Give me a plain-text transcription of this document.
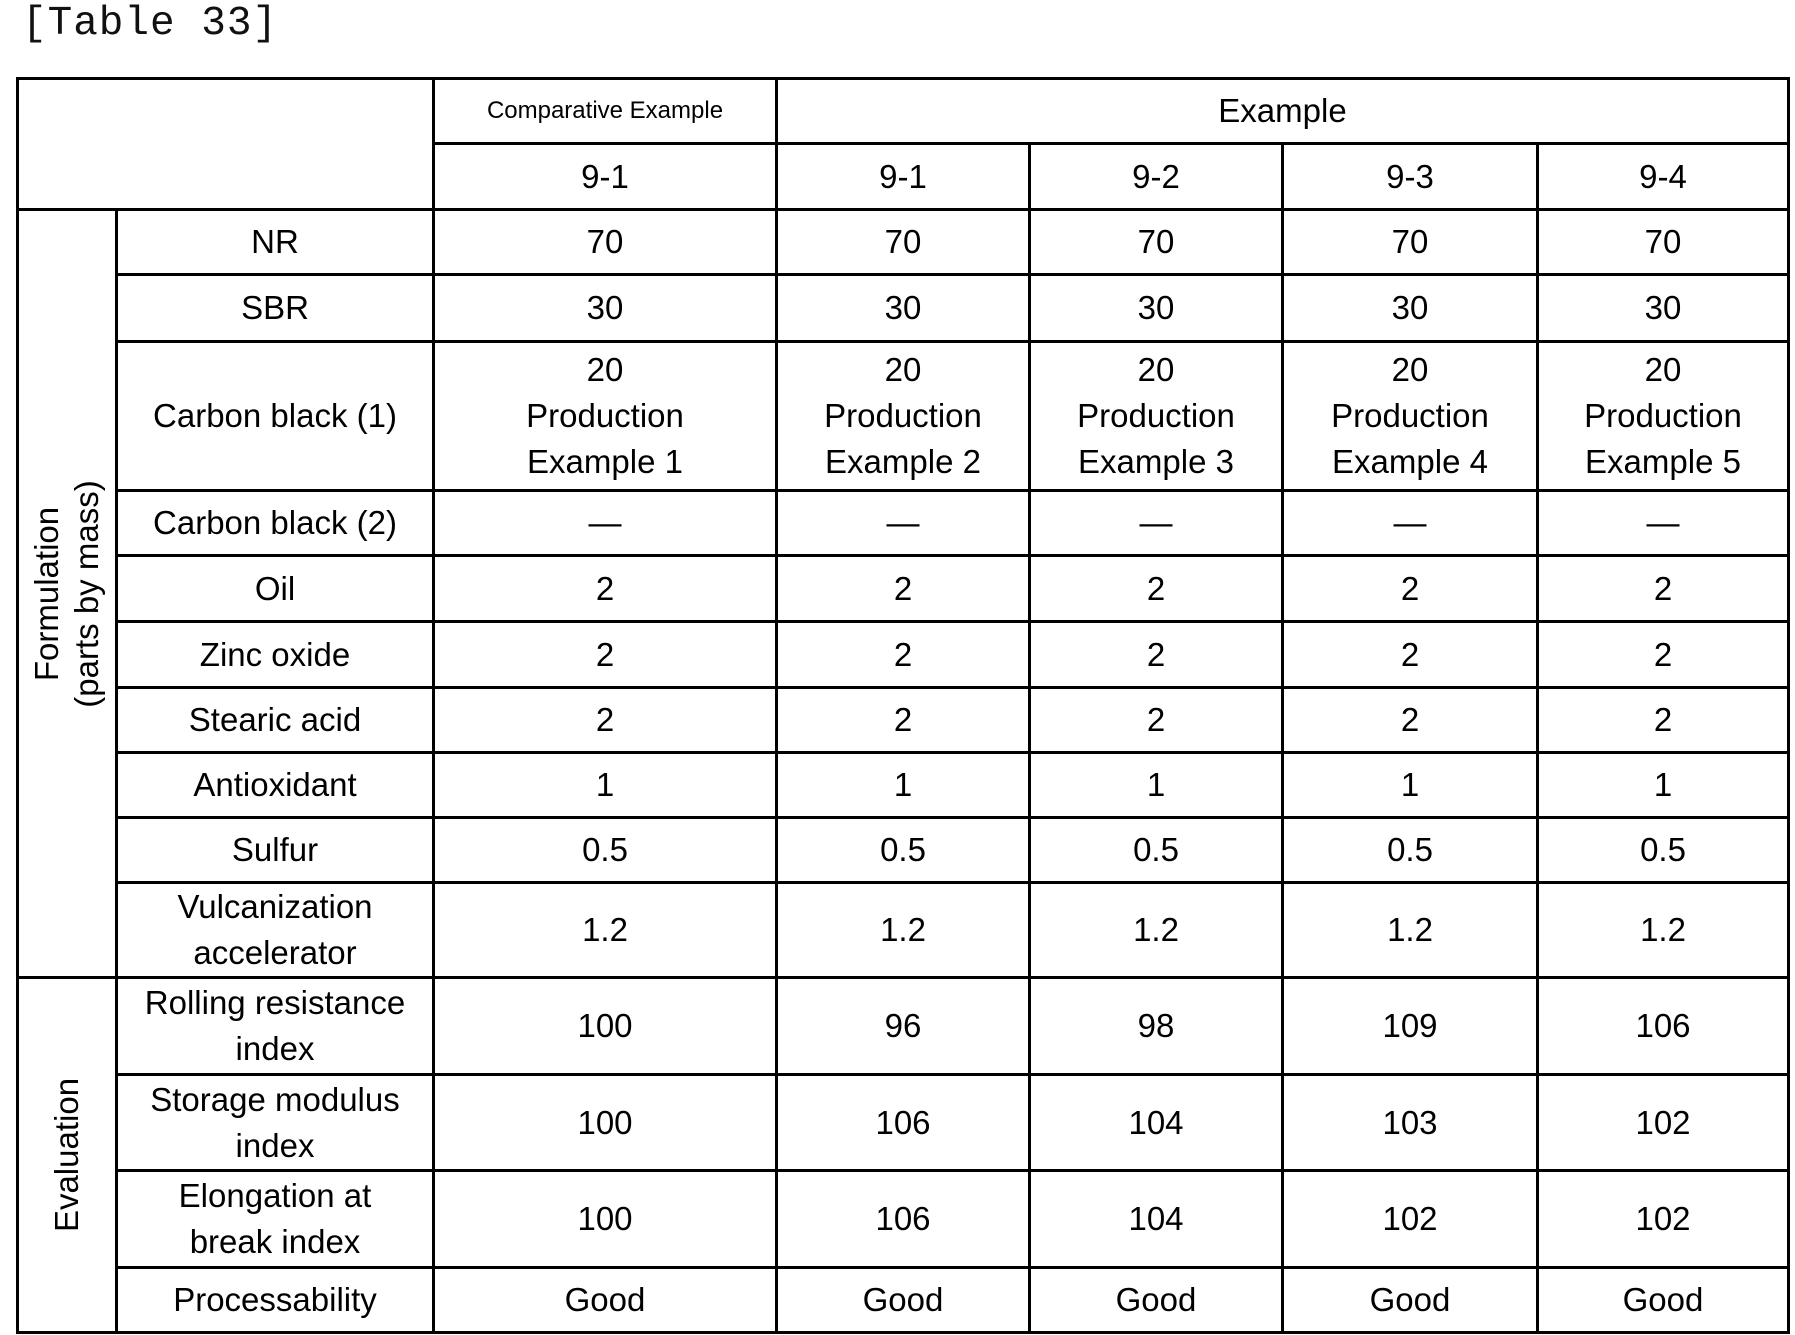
[Table 33]
		Comparative Example	Example			
		9-1	9-1	9-2	9-3	9-4

Formulation (parts by mass)	NR	70	70	70	70	70
	SBR	30	30	30	30	30
	Carbon black (1)	20
Production
Example 1	20
Production
Example 2	20
Production
Example 3	20
Production
Example 4	20
Production
Example 5
	Carbon black (2)	—	—	—	—	—
	Oil	2	2	2	2	2
	Zinc oxide	2	2	2	2	2
	Stearic acid	2	2	2	2	2
	Antioxidant	1	1	1	1	1
	Sulfur	0.5	0.5	0.5	0.5	0.5
	Vulcanization
accelerator	1.2	1.2	1.2	1.2	1.2

Evaluation	Rolling resistance
index	100	96	98	109	106
	Storage modulus
index	100	106	104	103	102
	Elongation at
break index	100	106	104	102	102
	Processability	Good	Good	Good	Good	Good
